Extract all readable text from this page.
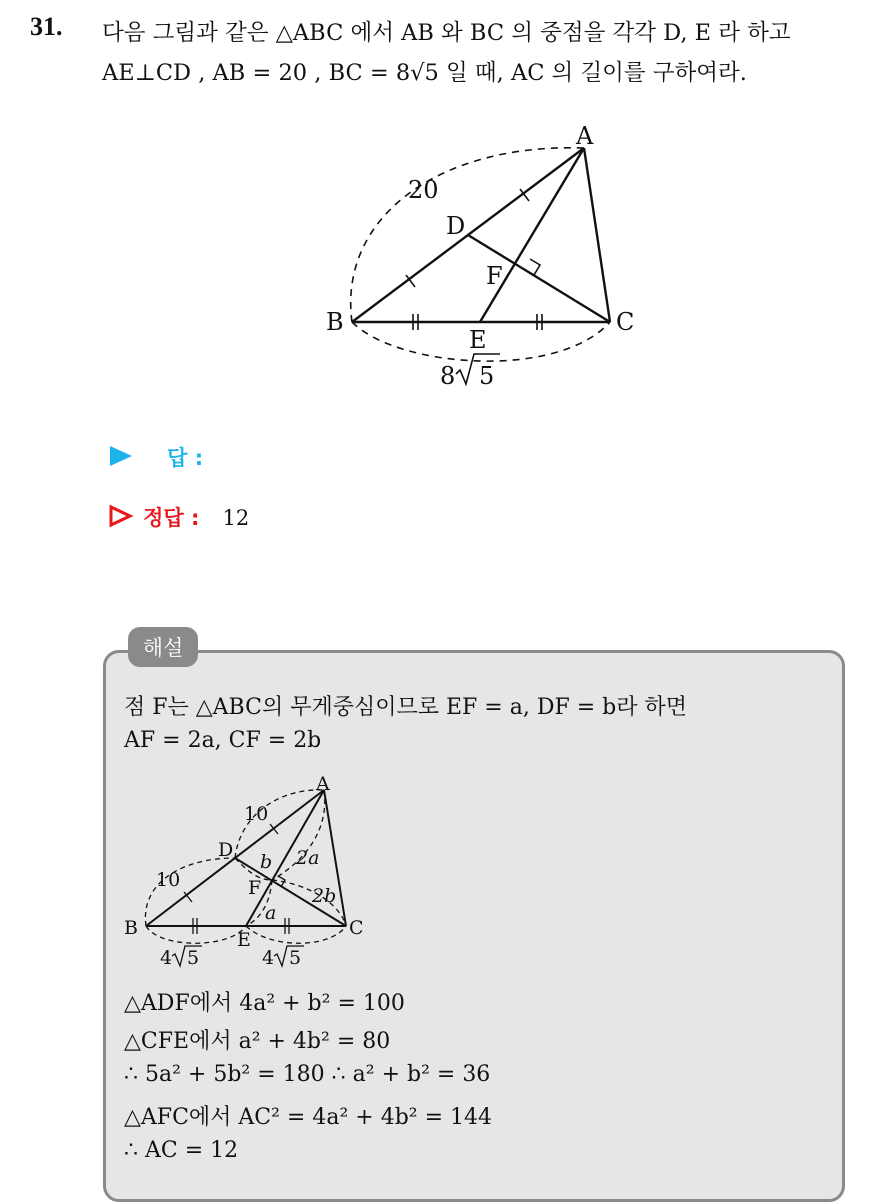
31. 다음 그림과 같은 △ABC 에서 AB 와 BC 의 중점을 각각 D, E 라 하고
AE⊥CD , AB = 20 , BC = 8√5 일 때, AC 의 길이를 구하여라.
A
B	C
D
E
F
20
8 5
답 :
정답 : 12
해설
점 F는 △ABC의 무게중심이므로 EF = a, DF = b라 하면
AF = 2a, CF = 2b
A
B	C
D
E
F
10
10
b 2a
2b
a
4 5	4 5
△ADF에서 4a² + b² = 100
△CFE에서 a² + 4b² = 80
∴ 5a² + 5b² = 180 ∴ a² + b² = 36
△AFC에서 AC² = 4a² + 4b² = 144
∴ AC = 12
